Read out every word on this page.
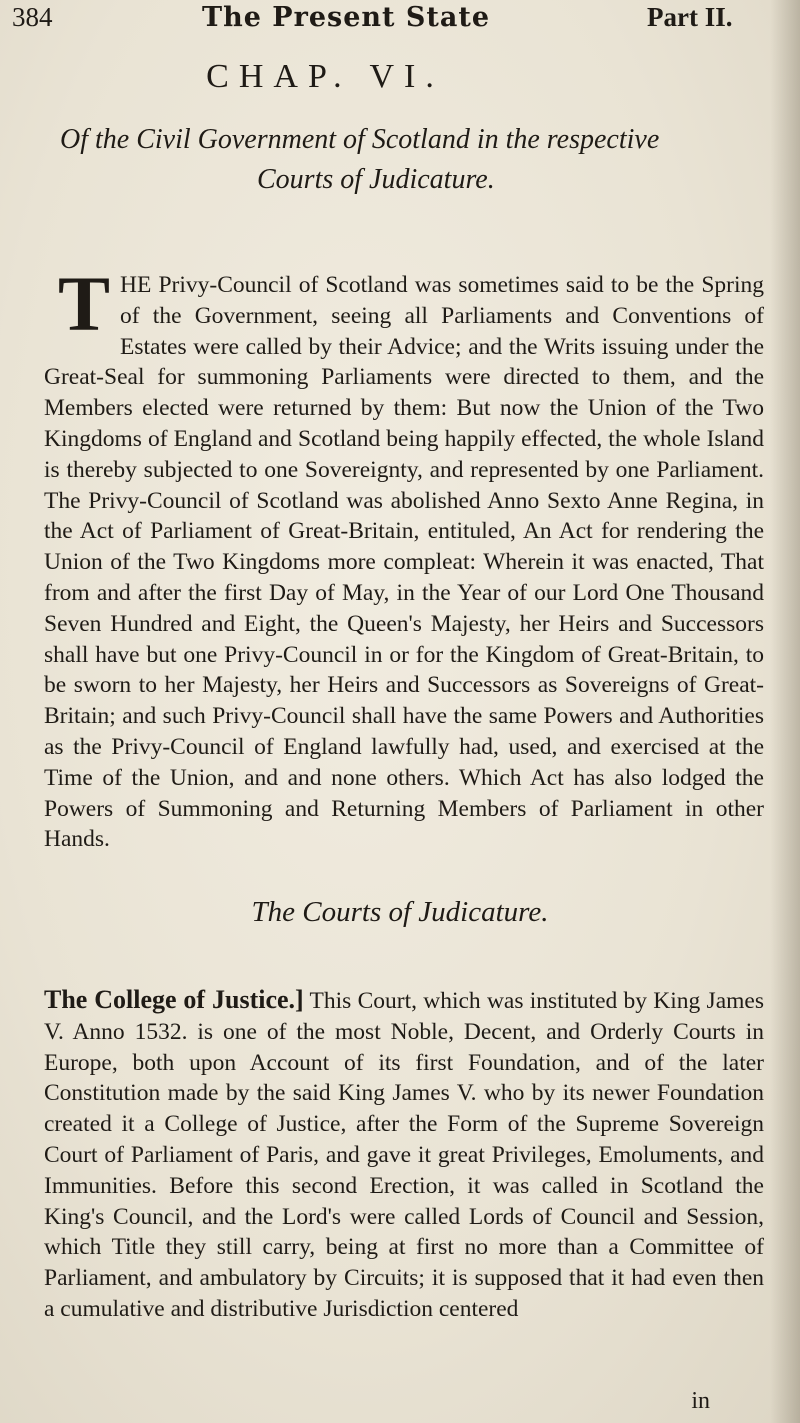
384	The Present State	Part II.
CHAP. VI.
Of the Civil Government of Scotland in the respective
Courts of Judicature.
THE Privy-Council of Scotland was sometimes said to be the Spring of the Government, seeing all Parliaments and Conventions of Estates were called by their Advice; and the Writs issuing under the Great-Seal for summoning Parliaments were directed to them, and the Members elected were returned by them: But now the Union of the Two Kingdoms of England and Scotland being happily effected, the whole Island is thereby subjected to one Sovereignty, and represented by one Parliament. The Privy-Council of Scotland was abolished Anno Sexto Anne Regina, in the Act of Parliament of Great-Britain, entituled, An Act for rendering the Union of the Two Kingdoms more compleat: Wherein it was enacted, That from and after the first Day of May, in the Year of our Lord One Thousand Seven Hundred and Eight, the Queen's Majesty, her Heirs and Successors shall have but one Privy-Council in or for the Kingdom of Great-Britain, to be sworn to her Majesty, her Heirs and Successors as Sovereigns of Great-Britain; and such Privy-Council shall have the same Powers and Authorities as the Privy-Council of England lawfully had, used, and exercised at the Time of the Union, and and none others. Which Act has also lodged the Powers of Summoning and Returning Members of Parliament in other Hands.
The Courts of Judicature.
The College of Justice.] This Court, which was instituted by King James V. Anno 1532. is one of the most Noble, Decent, and Orderly Courts in Europe, both upon Account of its first Foundation, and of the later Constitution made by the said King James V. who by its newer Foundation created it a College of Justice, after the Form of the Supreme Sovereign Court of Parliament of Paris, and gave it great Privileges, Emoluments, and Immunities. Before this second Erection, it was called in Scotland the King's Council, and the Lord's were called Lords of Council and Session, which Title they still carry, being at first no more than a Committee of Parliament, and ambulatory by Circuits; it is supposed that it had even then a cumulative and distributive Jurisdiction centered
in
